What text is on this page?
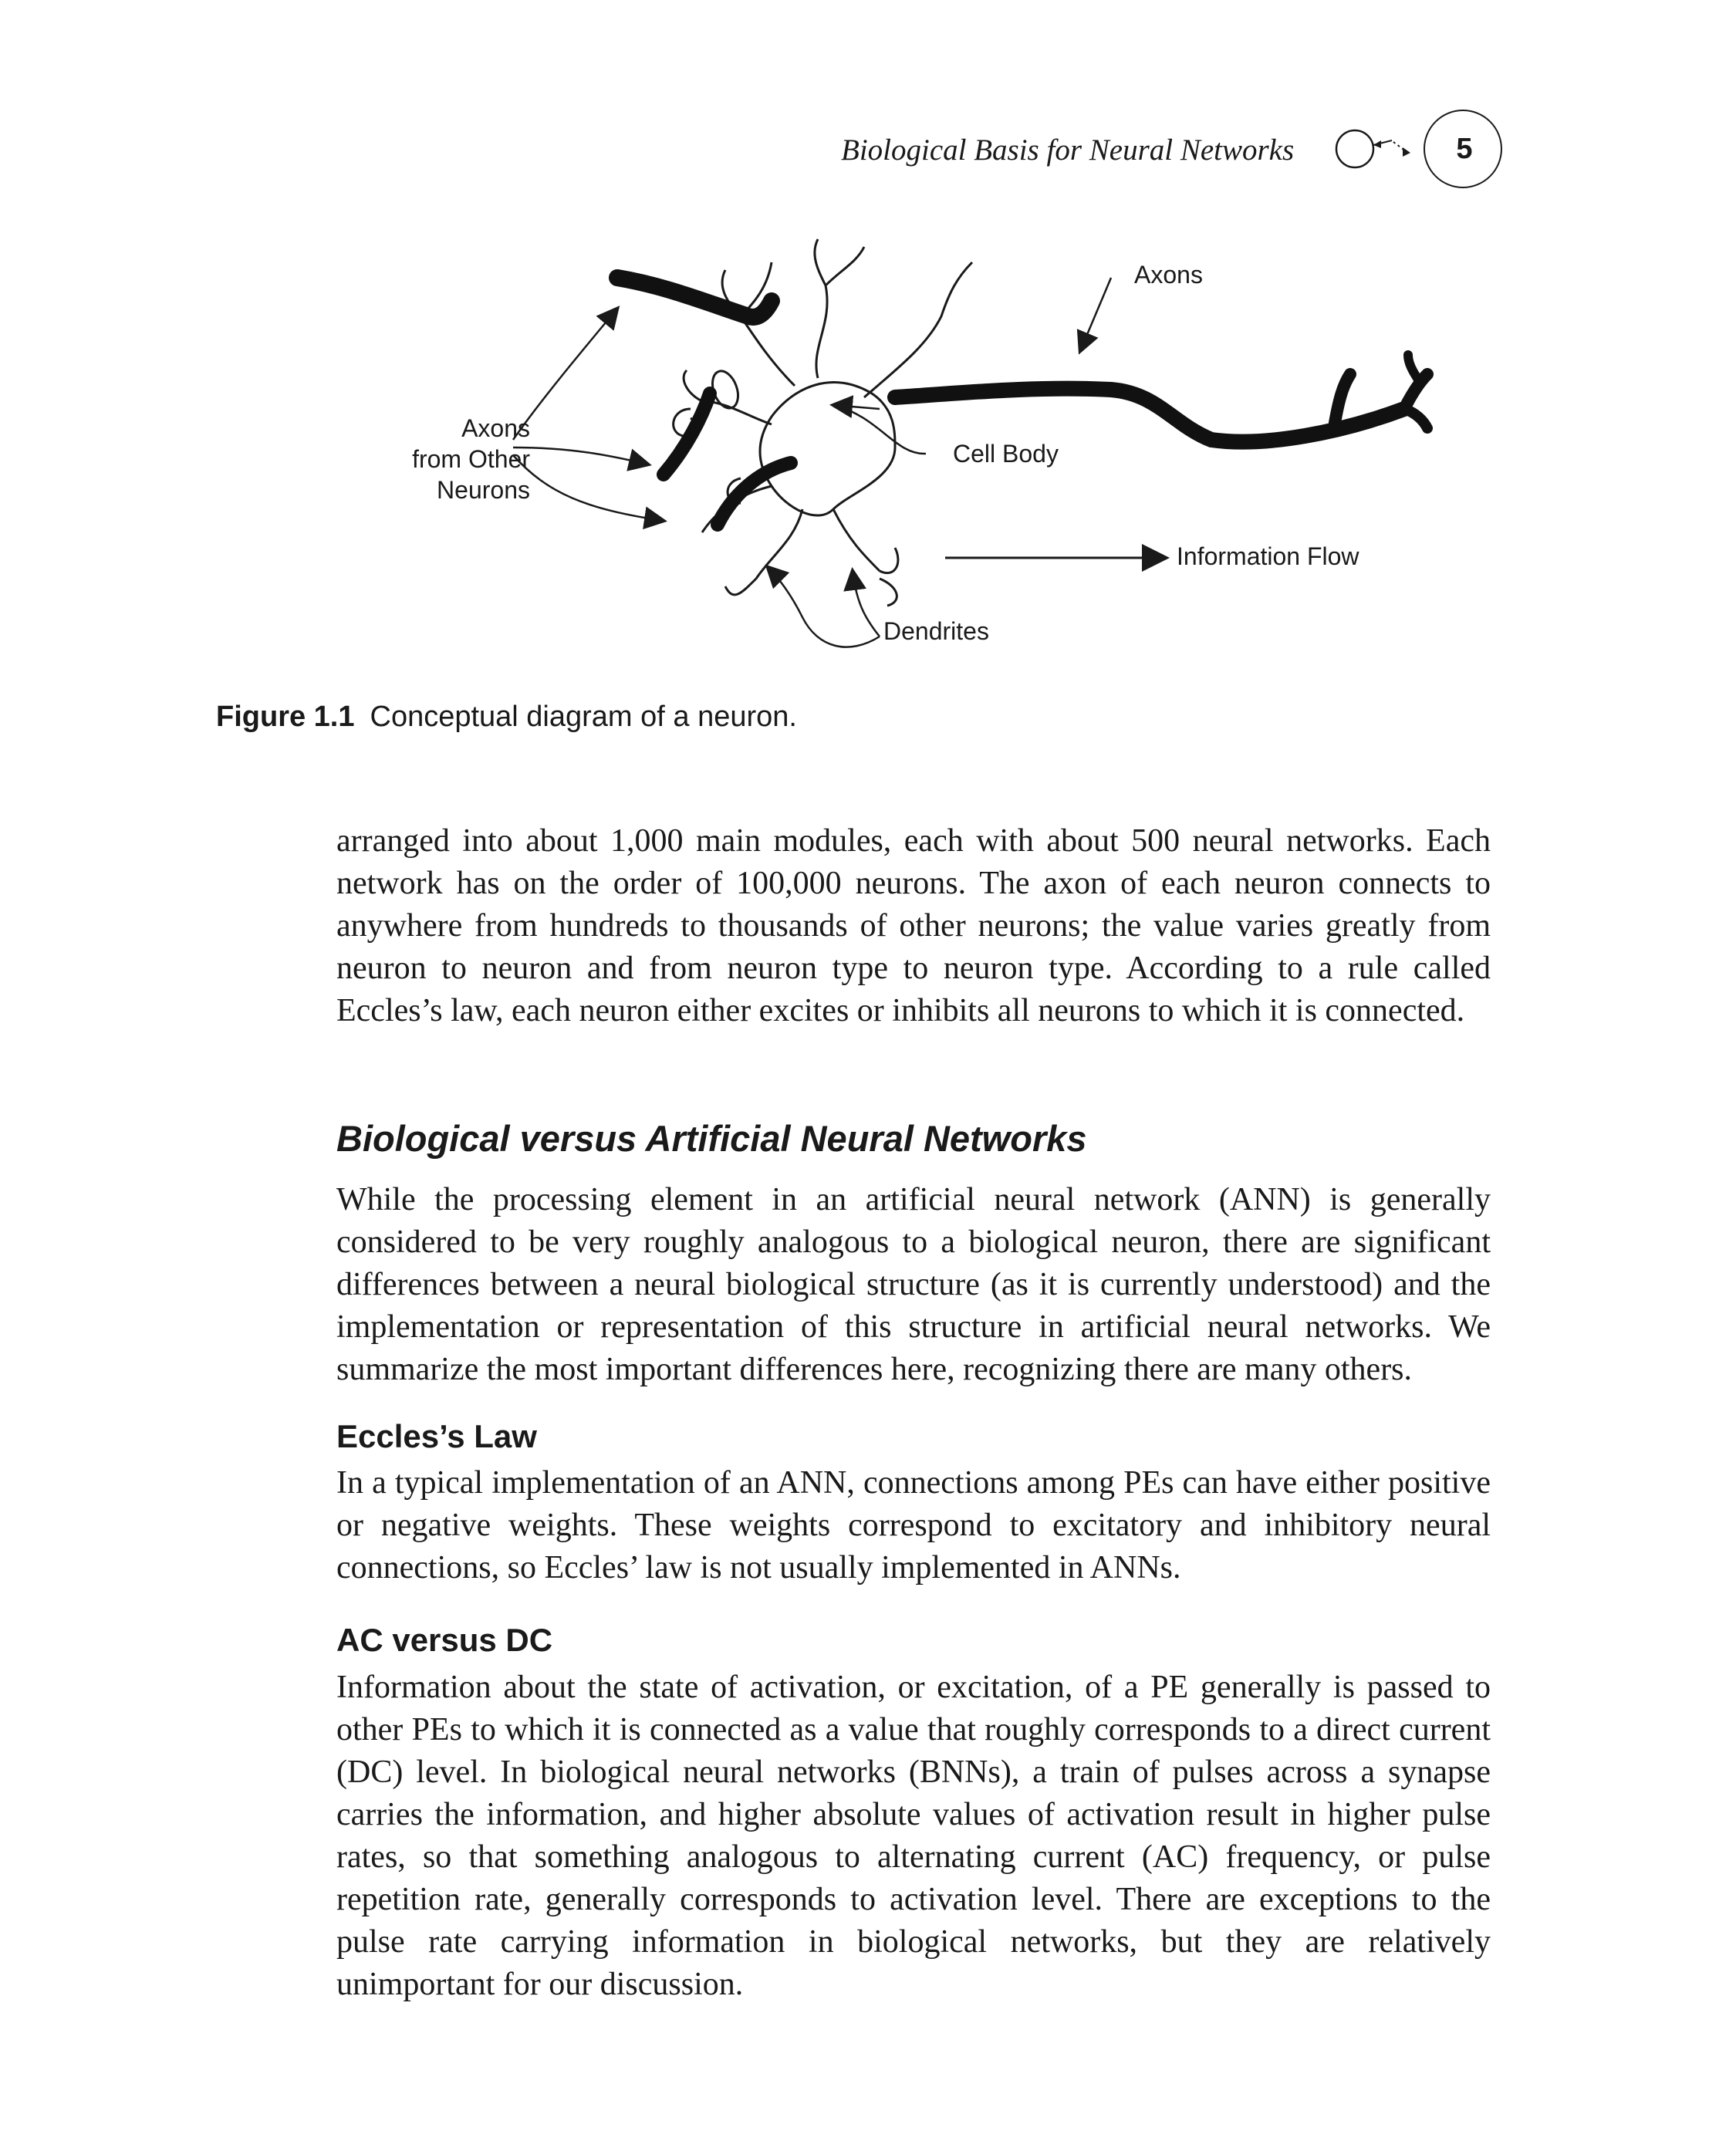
Biological Basis for Neural Networks	5
Axons
from Other
Neurons
Axons
Cell Body
Information Flow
Dendrites
Figure 1.1 Conceptual diagram of a neuron.

arranged into about 1,000 main modules, each with about 500 neural networks. Each network has on the order of 100,000 neurons. The axon of each neuron connects to anywhere from hundreds to thousands of other neurons; the value varies greatly from neuron to neuron and from neuron type to neuron type. According to a rule called Eccles’s law, each neuron either excites or inhibits all neurons to which it is connected.

Biological versus Artificial Neural Networks

While the processing element in an artificial neural network (ANN) is generally considered to be very roughly analogous to a biological neuron, there are significant differences between a neural biological structure (as it is currently understood) and the implementation or representation of this structure in artificial neural networks. We summarize the most important differences here, recognizing there are many others.

Eccles’s Law

In a typical implementation of an ANN, connections among PEs can have either positive or negative weights. These weights correspond to excitatory and inhibitory neural connections, so Eccles’ law is not usually implemented in ANNs.

AC versus DC

Information about the state of activation, or excitation, of a PE generally is passed to other PEs to which it is connected as a value that roughly corresponds to a direct current (DC) level. In biological neural networks (BNNs), a train of pulses across a synapse carries the information, and higher absolute values of activation result in higher pulse rates, so that something analogous to alternating current (AC) frequency, or pulse repetition rate, generally corresponds to activation level. There are exceptions to the pulse rate carrying information in biological networks, but they are relatively unimportant for our discussion.
